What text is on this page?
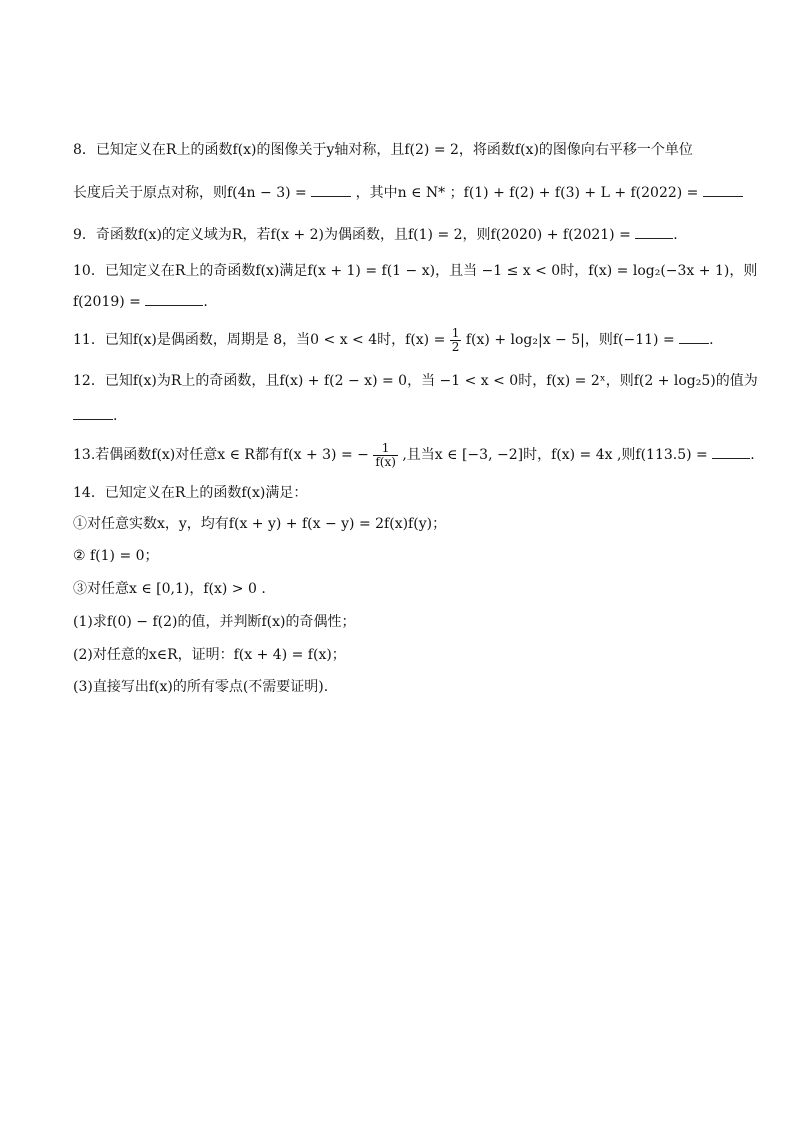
8．已知定义在R上的函数f(x)的图像关于y轴对称，且f(2) = 2，将函数f(x)的图像向右平移一个单位
长度后关于原点对称，则f(4n − 3) =	，其中n ∈ N* ；f(1) + f(2) + f(3) + L + f(2022) =
9．奇函数f(x)的定义域为R，若f(x + 2)为偶函数，且f(1) = 2，则f(2020) + f(2021) =	.
10．已知定义在R上的奇函数f(x)满足f(x + 1) = f(1 − x)，且当 −1 ≤ x < 0时，f(x) = log₂(−3x + 1)，则
f(2019) =	.
11．已知f(x)是偶函数，周期是 8，当0 < x < 4时，$f(x) = \frac{1}{2} f(x) + \log_2|x - 5|$，则f(−11) = .
12．已知f(x)为R上的奇函数，且f(x) + f(2 − x) = 0，当 −1 < x < 0时，f(x) = 2ˣ，则f(2 + log₂5)的值为
.
13.若偶函数f(x)对任意x ∈ R都有f(x + 3) = − $\frac{1}{f(x)}$ ,且当x ∈ [−3, −2]时，f(x) = 4x ,则f(113.5) =	.
14．已知定义在R上的函数f(x)满足：
①对任意实数x，y，均有f(x + y) + f(x − y) = 2f(x)f(y)；
② f(1) = 0；
③对任意x ∈ [0,1)，f(x) > 0 .
(1)求f(0) − f(2)的值，并判断f(x)的奇偶性；
(2)对任意的x∈R，证明：f(x + 4) = f(x)；
(3)直接写出f(x)的所有零点(不需要证明).
